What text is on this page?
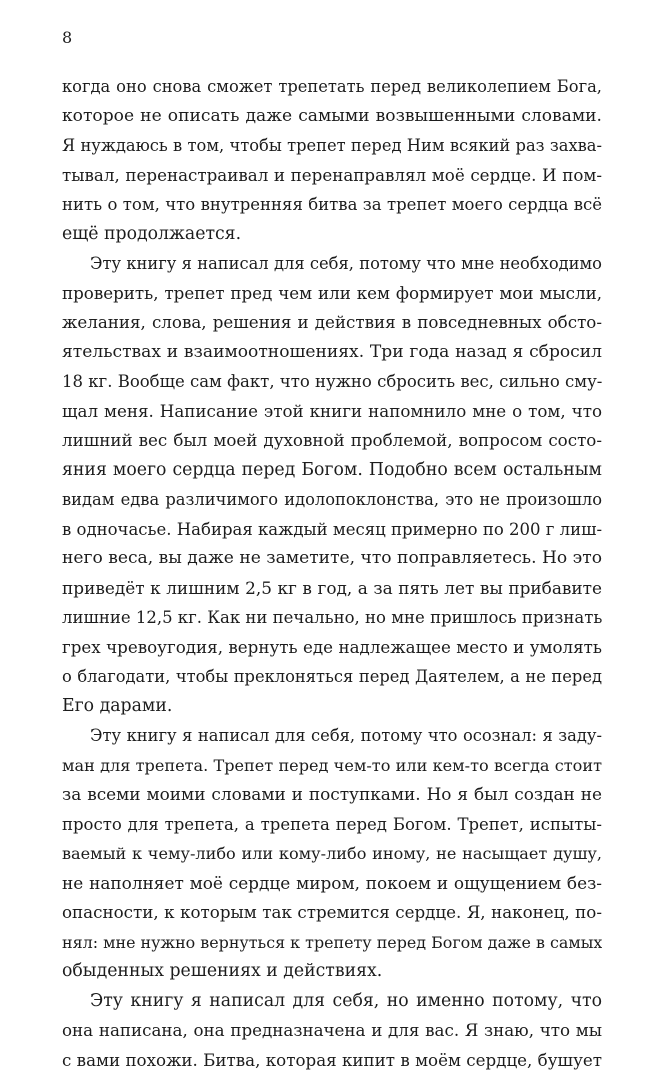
8
когда оно снова сможет трепетать перед великолепием Бога,
которое не описать даже самыми возвышенными словами.
Я нуждаюсь в том, чтобы трепет перед Ним всякий раз захва-
тывал, перенастраивал и перенаправлял моё сердце. И пом-
нить о том, что внутренняя битва за трепет моего сердца всё
ещё продолжается.
Эту книгу я написал для себя, потому что мне необходимо
проверить, трепет пред чем или кем формирует мои мысли,
желания, слова, решения и действия в повседневных обсто-
ятельствах и взаимоотношениях. Три года назад я сбросил
18 кг. Вообще сам факт, что нужно сбросить вес, сильно сму-
щал меня. Написание этой книги напомнило мне о том, что
лишний вес был моей духовной проблемой, вопросом состо-
яния моего сердца перед Богом. Подобно всем остальным
видам едва различимого идолопоклонства, это не произошло
в одночасье. Набирая каждый месяц примерно по 200 г лиш-
него веса, вы даже не заметите, что поправляетесь. Но это
приведёт к лишним 2,5 кг в год, а за пять лет вы прибавите
лишние 12,5 кг. Как ни печально, но мне пришлось признать
грех чревоугодия, вернуть еде надлежащее место и умолять
о благодати, чтобы преклоняться перед Даятелем, а не перед
Его дарами.
Эту книгу я написал для себя, потому что осознал: я заду-
ман для трепета. Трепет перед чем-то или кем-то всегда стоит
за всеми моими словами и поступками. Но я был создан не
просто для трепета, а трепета перед Богом. Трепет, испыты-
ваемый к чему-либо или кому-либо иному, не насыщает душу,
не наполняет моё сердце миром, покоем и ощущением без-
опасности, к которым так стремится сердце. Я, наконец, по-
нял: мне нужно вернуться к трепету перед Богом даже в самых
обыденных решениях и действиях.
Эту книгу я написал для себя, но именно потому, что
она написана, она предназначена и для вас. Я знаю, что мы
с вами похожи. Битва, которая кипит в моём сердце, бушует
